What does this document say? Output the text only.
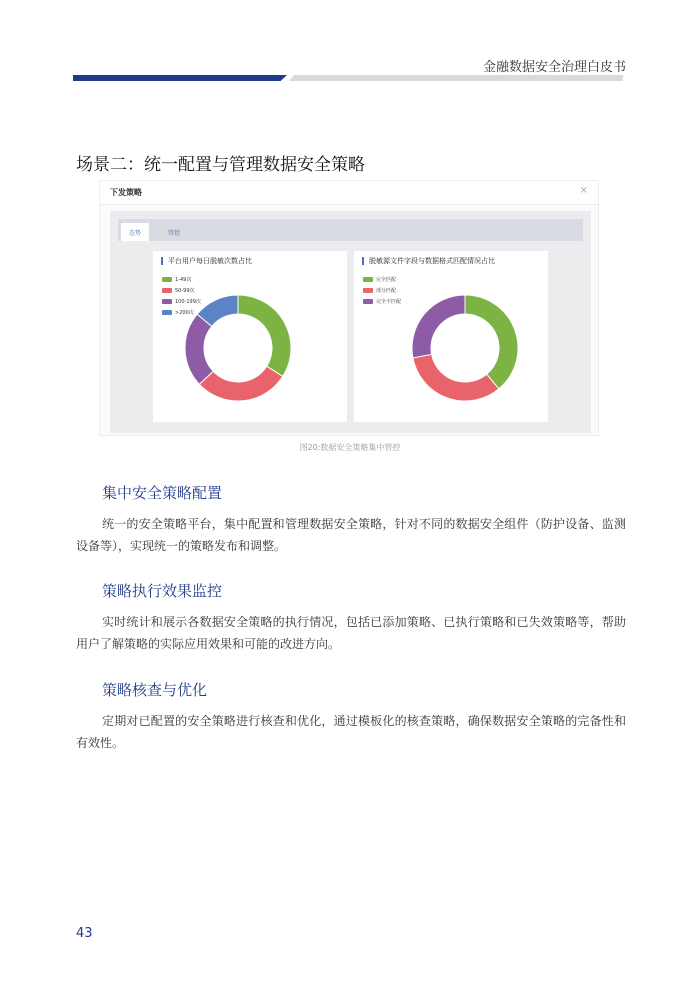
金融数据安全治理白皮书
场景二：统一配置与管理数据安全策略
下发策略	×
态势	管控
平台用户每日脱敏次数占比
1-49次
50-99次
100-199次
>200次
脱敏源文件字段与数据格式匹配情况占比
完全匹配
部分匹配
完全不匹配
图20:数据安全策略集中管控
集中安全策略配置
统一的安全策略平台，集中配置和管理数据安全策略，针对不同的数据安全组件（防护设备、监测设备等），实现统一的策略发布和调整。
策略执行效果监控
实时统计和展示各数据安全策略的执行情况，包括已添加策略、已执行策略和已失效策略等，帮助用户了解策略的实际应用效果和可能的改进方向。
策略核查与优化
定期对已配置的安全策略进行核查和优化，通过模板化的核查策略，确保数据安全策略的完备性和有效性。
43
